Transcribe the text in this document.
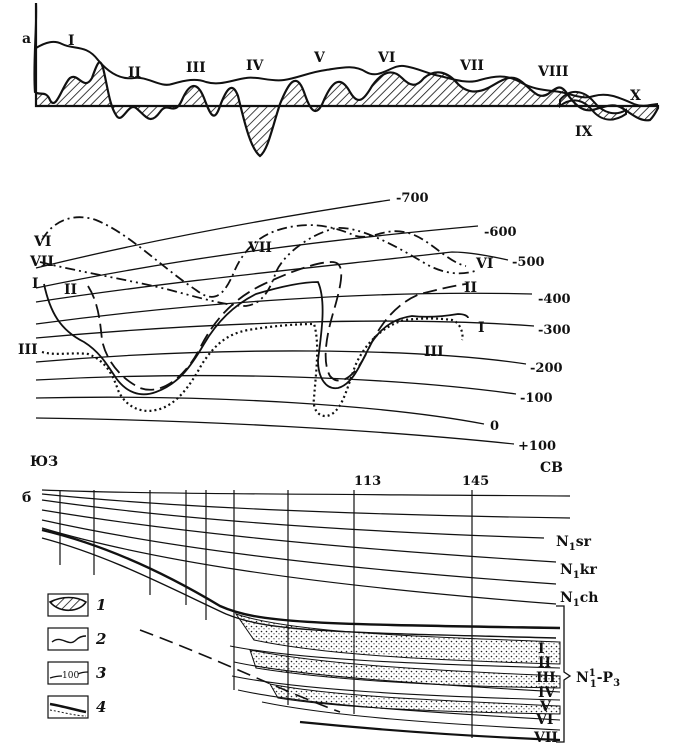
а	I
II	III	IV	V	VI	VII	VIII
IX
X
-700
-600
-500
-400
-300
-200
-100
0
+100
VI
VII
I II
III
VII
VI
II
I
III
ЮЗ	СВ
б
113	145
$N_1sr$
$N_1kr$
$N_1ch$
I
II
III
IV
V
VI
VII
$N^1$ $1-P_3$
1
2
100 3
4
